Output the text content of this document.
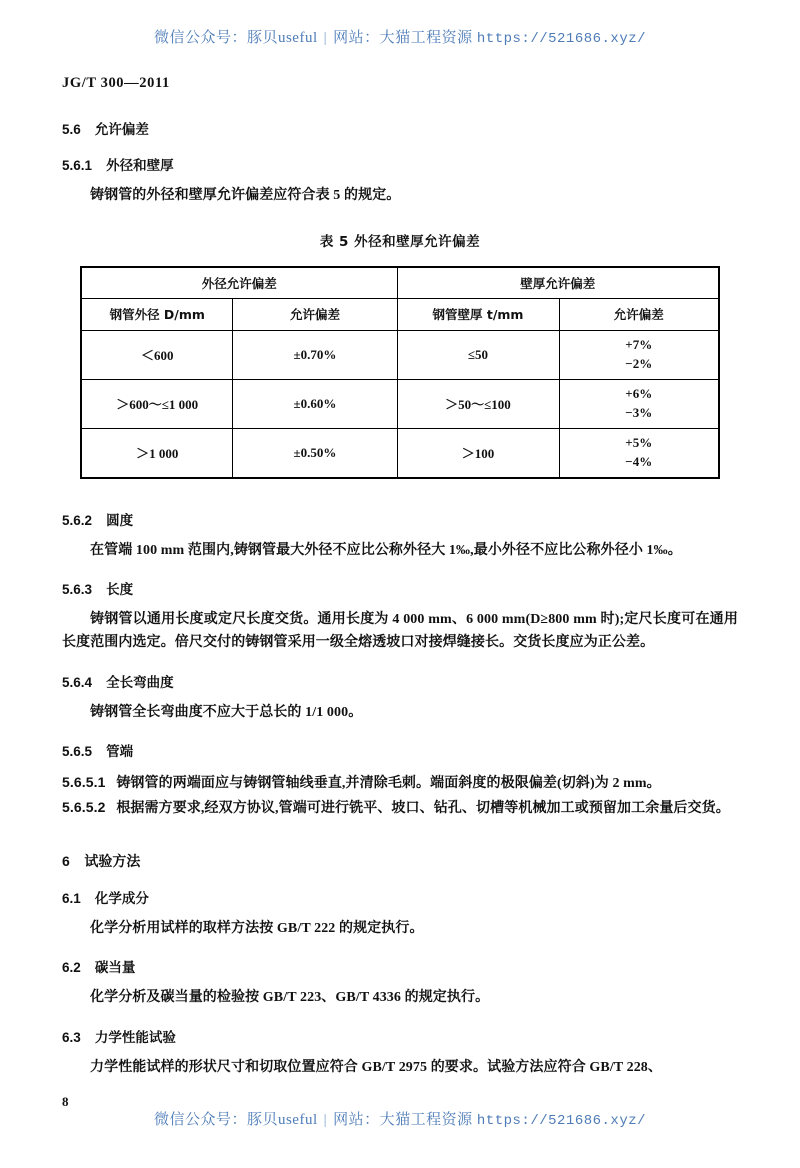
微信公众号：豚贝useful | 网站：大猫工程资源 https://521686.xyz/
JG/T 300—2011
5.6 允许偏差
5.6.1 外径和壁厚

铸钢管的外径和壁厚允许偏差应符合表 5 的规定。

表 5 外径和壁厚允许偏差
外径允许偏差		壁厚允许偏差	
钢管外径 D/mm	允许偏差	钢管壁厚 t/mm	允许偏差
＜600	±0.70%	≤50	+7%
−2%

＞600～≤1 000	±0.60%	＞50～≤100	+6%
−3%

＞1 000	±0.50%	＞100	+5%
−4%
5.6.2 圆度

在管端 100 mm 范围内,铸钢管最大外径不应比公称外径大 1‰,最小外径不应比公称外径小 1‰。

5.6.3 长度

铸钢管以通用长度或定尺长度交货。通用长度为 4 000 mm、6 000 mm(D≥800 mm 时);定尺长度可在通用长度范围内选定。倍尺交付的铸钢管采用一级全熔透坡口对接焊缝接长。交货长度应为正公差。

5.6.4 全长弯曲度

铸钢管全长弯曲度不应大于总长的 1/1 000。

5.6.5 管端

5.6.5.1 铸钢管的两端面应与铸钢管轴线垂直,并清除毛刺。端面斜度的极限偏差(切斜)为 2 mm。

5.6.5.2 根据需方要求,经双方协议,管端可进行铣平、坡口、钻孔、切槽等机械加工或预留加工余量后交货。

6 试验方法
6.1 化学成分

化学分析用试样的取样方法按 GB/T 222 的规定执行。

6.2 碳当量

化学分析及碳当量的检验按 GB/T 223、GB/T 4336 的规定执行。

6.3 力学性能试验

力学性能试样的形状尺寸和切取位置应符合 GB/T 2975 的要求。试验方法应符合 GB/T 228、

8
微信公众号：豚贝useful | 网站：大猫工程资源 https://521686.xyz/
